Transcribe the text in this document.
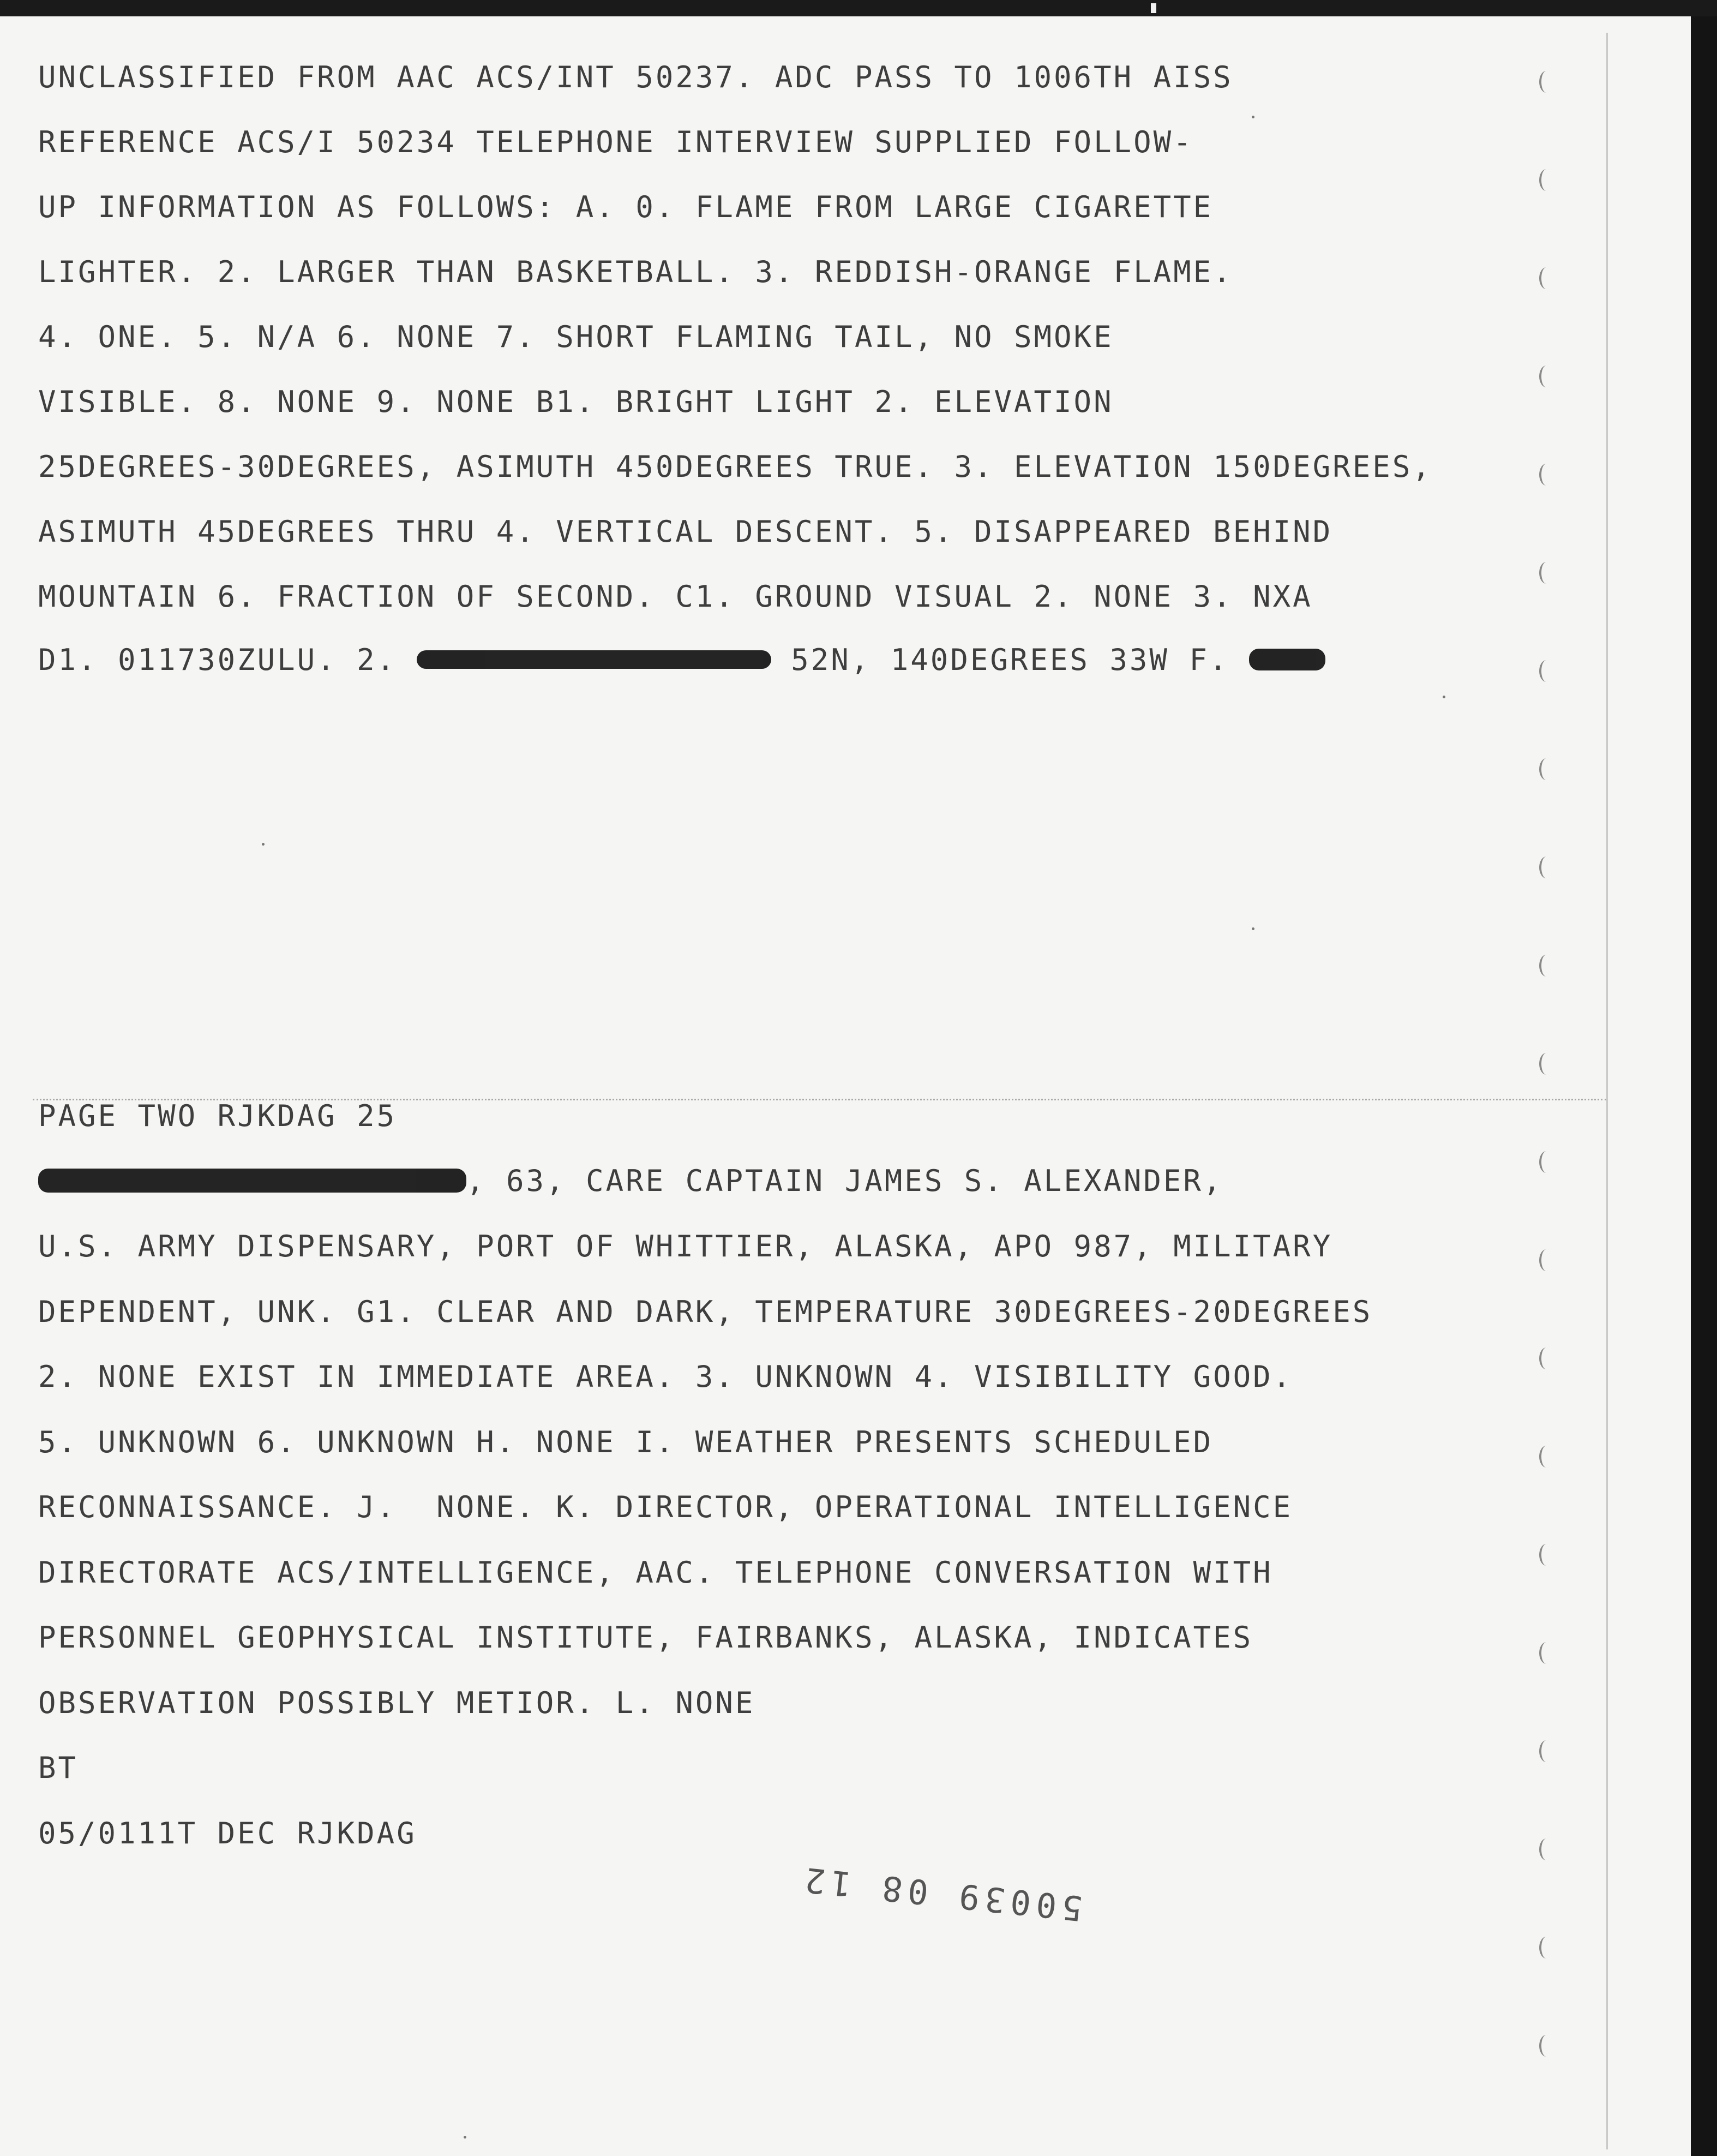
UNCLASSIFIED FROM AAC ACS/INT 50237. ADC PASS TO 1006TH AISS
REFERENCE ACS/I 50234 TELEPHONE INTERVIEW SUPPLIED FOLLOW-
UP INFORMATION AS FOLLOWS: A. 0. FLAME FROM LARGE CIGARETTE
LIGHTER. 2. LARGER THAN BASKETBALL. 3. REDDISH-ORANGE FLAME.
4. ONE. 5. N/A 6. NONE 7. SHORT FLAMING TAIL, NO SMOKE
VISIBLE. 8. NONE 9. NONE B1. BRIGHT LIGHT 2. ELEVATION
25DEGREES-30DEGREES, ASIMUTH 450DEGREES TRUE. 3. ELEVATION 150DEGREES,
ASIMUTH 45DEGREES THRU 4. VERTICAL DESCENT. 5. DISAPPEARED BEHIND
MOUNTAIN 6. FRACTION OF SECOND. C1. GROUND VISUAL 2. NONE 3. NXA
D1. 011730ZULU. 2.	52N, 140DEGREES 33W F.
PAGE TWO RJKDAG 25
, 63, CARE CAPTAIN JAMES S. ALEXANDER,
U.S. ARMY DISPENSARY, PORT OF WHITTIER, ALASKA, APO 987, MILITARY
DEPENDENT, UNK. G1. CLEAR AND DARK, TEMPERATURE 30DEGREES-20DEGREES
2. NONE EXIST IN IMMEDIATE AREA. 3. UNKNOWN 4. VISIBILITY GOOD.
5. UNKNOWN 6. UNKNOWN H. NONE I. WEATHER PRESENTS SCHEDULED
RECONNAISSANCE. J.  NONE. K. DIRECTOR, OPERATIONAL INTELLIGENCE
DIRECTORATE ACS/INTELLIGENCE, AAC. TELEPHONE CONVERSATION WITH
PERSONNEL GEOPHYSICAL INSTITUTE, FAIRBANKS, ALASKA, INDICATES
OBSERVATION POSSIBLY METIOR. L. NONE
BT
05/0111T DEC RJKDAG
50039 08 12
